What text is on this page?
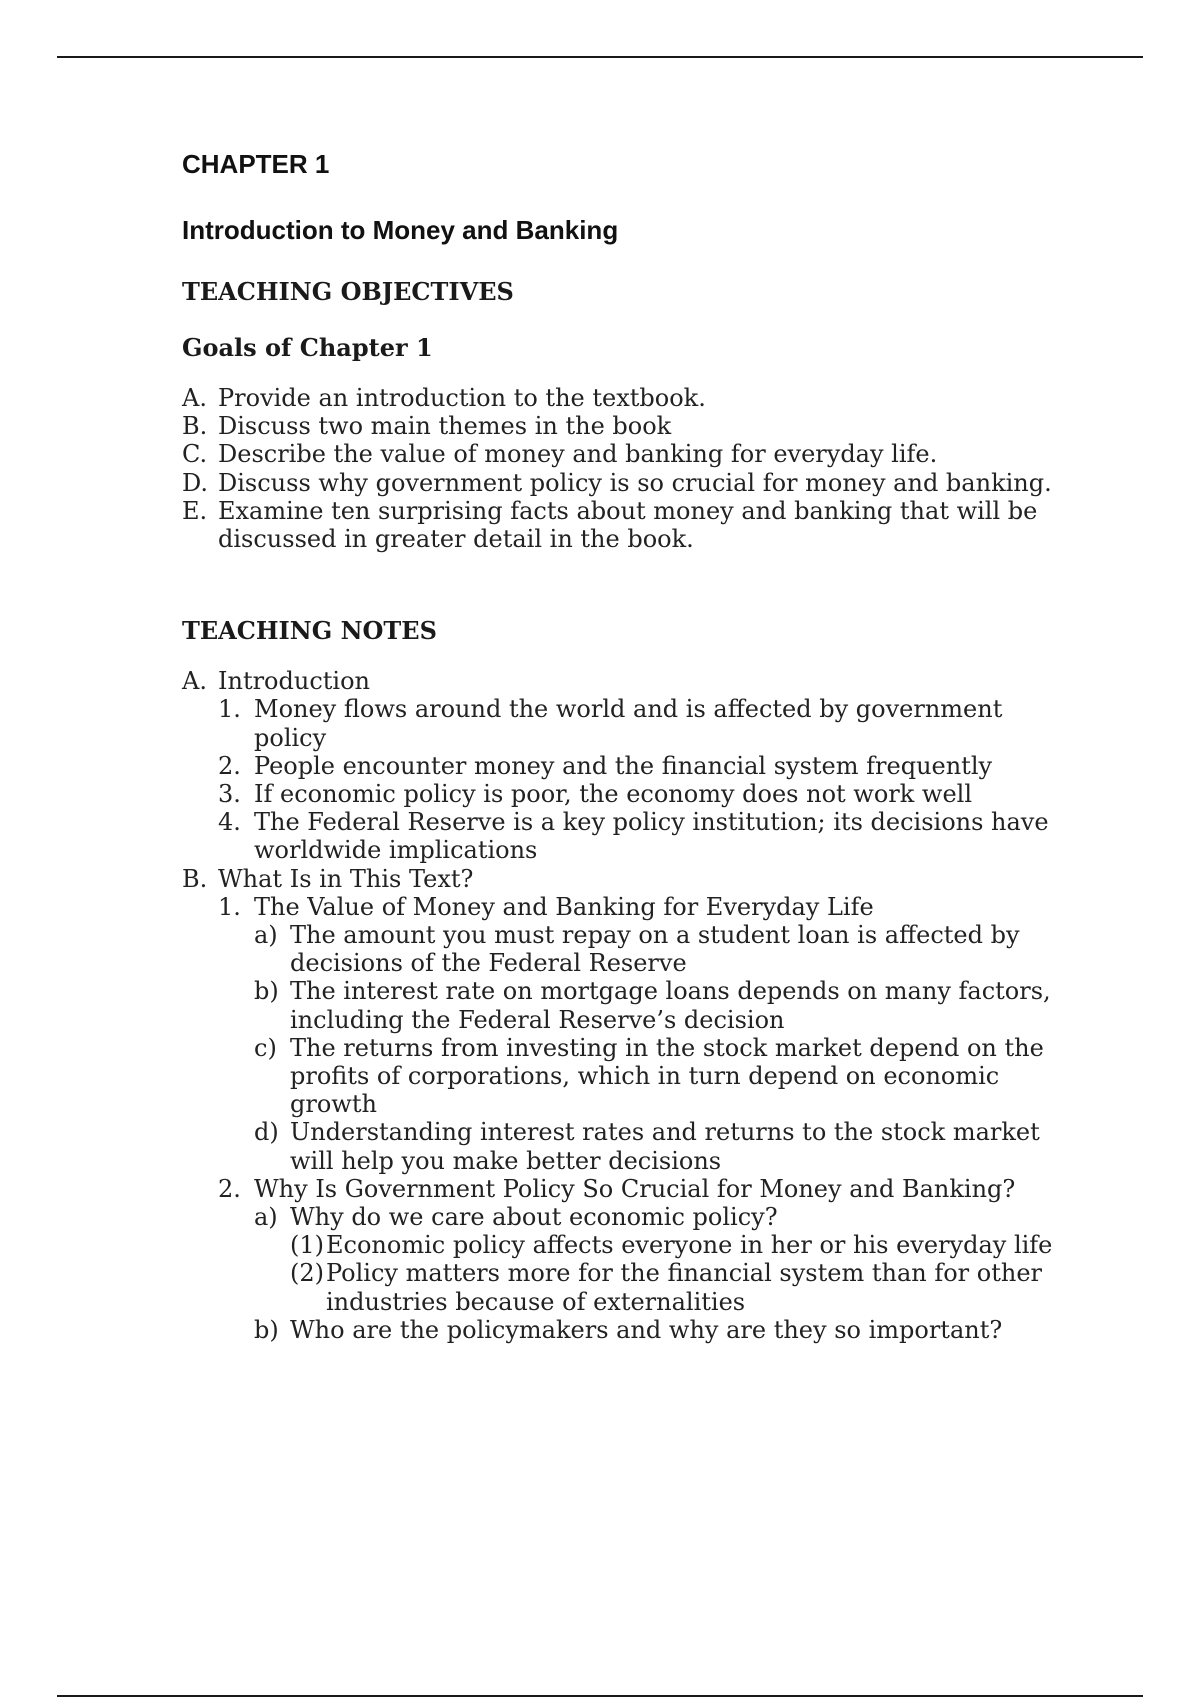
CHAPTER 1
Introduction to Money and Banking
TEACHING OBJECTIVES
Goals of Chapter 1
A. Provide an introduction to the textbook.
B. Discuss two main themes in the book
C. Describe the value of money and banking for everyday life.
D. Discuss why government policy is so crucial for money and banking.
E. Examine ten surprising facts about money and banking that will be discussed in greater detail in the book.
TEACHING NOTES
A. Introduction
1. Money flows around the world and is affected by government policy
2. People encounter money and the financial system frequently
3. If economic policy is poor, the economy does not work well
4. The Federal Reserve is a key policy institution; its decisions have worldwide implications
B. What Is in This Text?
1. The Value of Money and Banking for Everyday Life
a) The amount you must repay on a student loan is affected by decisions of the Federal Reserve
b) The interest rate on mortgage loans depends on many factors, including the Federal Reserve’s decision
c) The returns from investing in the stock market depend on the profits of corporations, which in turn depend on economic growth
d) Understanding interest rates and returns to the stock market will help you make better decisions
2. Why Is Government Policy So Crucial for Money and Banking?
a) Why do we care about economic policy?
(1) Economic policy affects everyone in her or his everyday life
(2) Policy matters more for the financial system than for other industries because of externalities
b) Who are the policymakers and why are they so important?
